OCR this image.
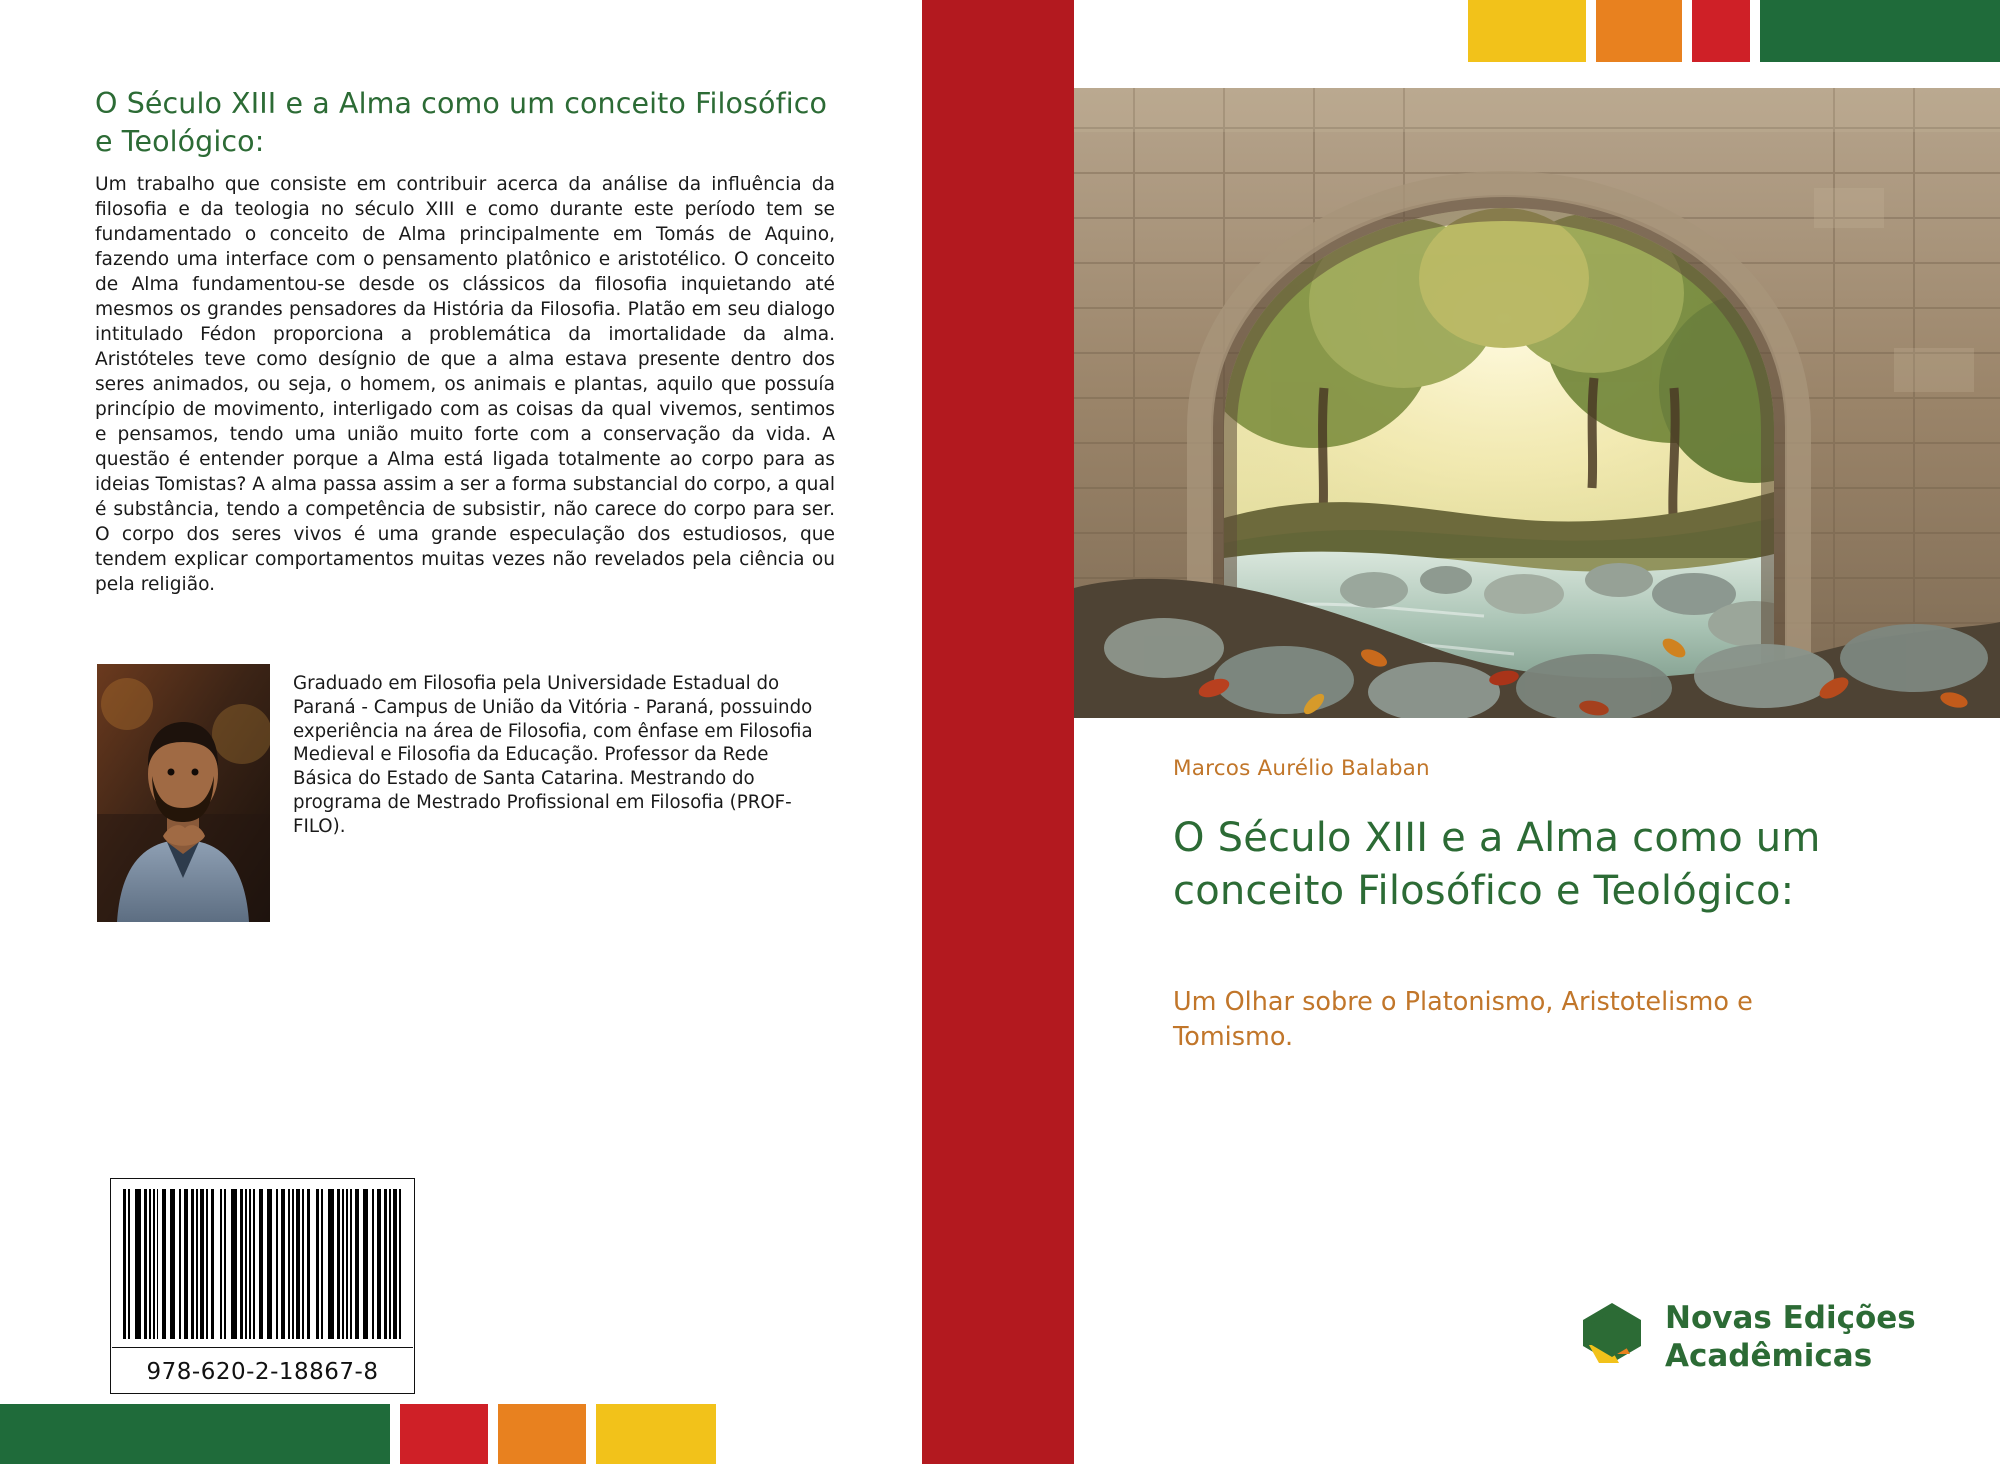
O Século XIII e a Alma como um conceito Filosófico e Teológico:
Um trabalho que consiste em contribuir acerca da análise da influência da filosofia e da teologia no século XIII e como durante este período tem se fundamentado o conceito de Alma principalmente em Tomás de Aquino, fazendo uma interface com o pensamento platônico e aristotélico. O conceito de Alma fundamentou-se desde os clássicos da filosofia inquietando até mesmos os grandes pensadores da História da Filosofia. Platão em seu dialogo intitulado Fédon proporciona a problemática da imortalidade da alma. Aristóteles teve como desígnio de que a alma estava presente dentro dos seres animados, ou seja, o homem, os animais e plantas, aquilo que possuía princípio de movimento, interligado com as coisas da qual vivemos, sentimos e pensamos, tendo uma união muito forte com a conservação da vida. A questão é entender porque a Alma está ligada totalmente ao corpo para as ideias Tomistas? A alma passa assim a ser a forma substancial do corpo, a qual é substância, tendo a competência de subsistir, não carece do corpo para ser. O corpo dos seres vivos é uma grande especulação dos estudiosos, que tendem explicar comportamentos muitas vezes não revelados pela ciência ou pela religião.
Graduado em Filosofia pela Universidade Estadual do Paraná - Campus de União da Vitória - Paraná, possuindo experiência na área de Filosofia, com ênfase em Filosofia Medieval e Filosofia da Educação. Professor da Rede Básica do Estado de Santa Catarina. Mestrando do programa de Mestrado Profissional em Filosofia (PROF-FILO).
978-620-2-18867-8
Marcos Aurélio Balaban
O Século XIII e a Alma como um conceito Filosófico e Teológico:
Um Olhar sobre o Platonismo, Aristotelismo e Tomismo.
Novas Edições
Acadêmicas
